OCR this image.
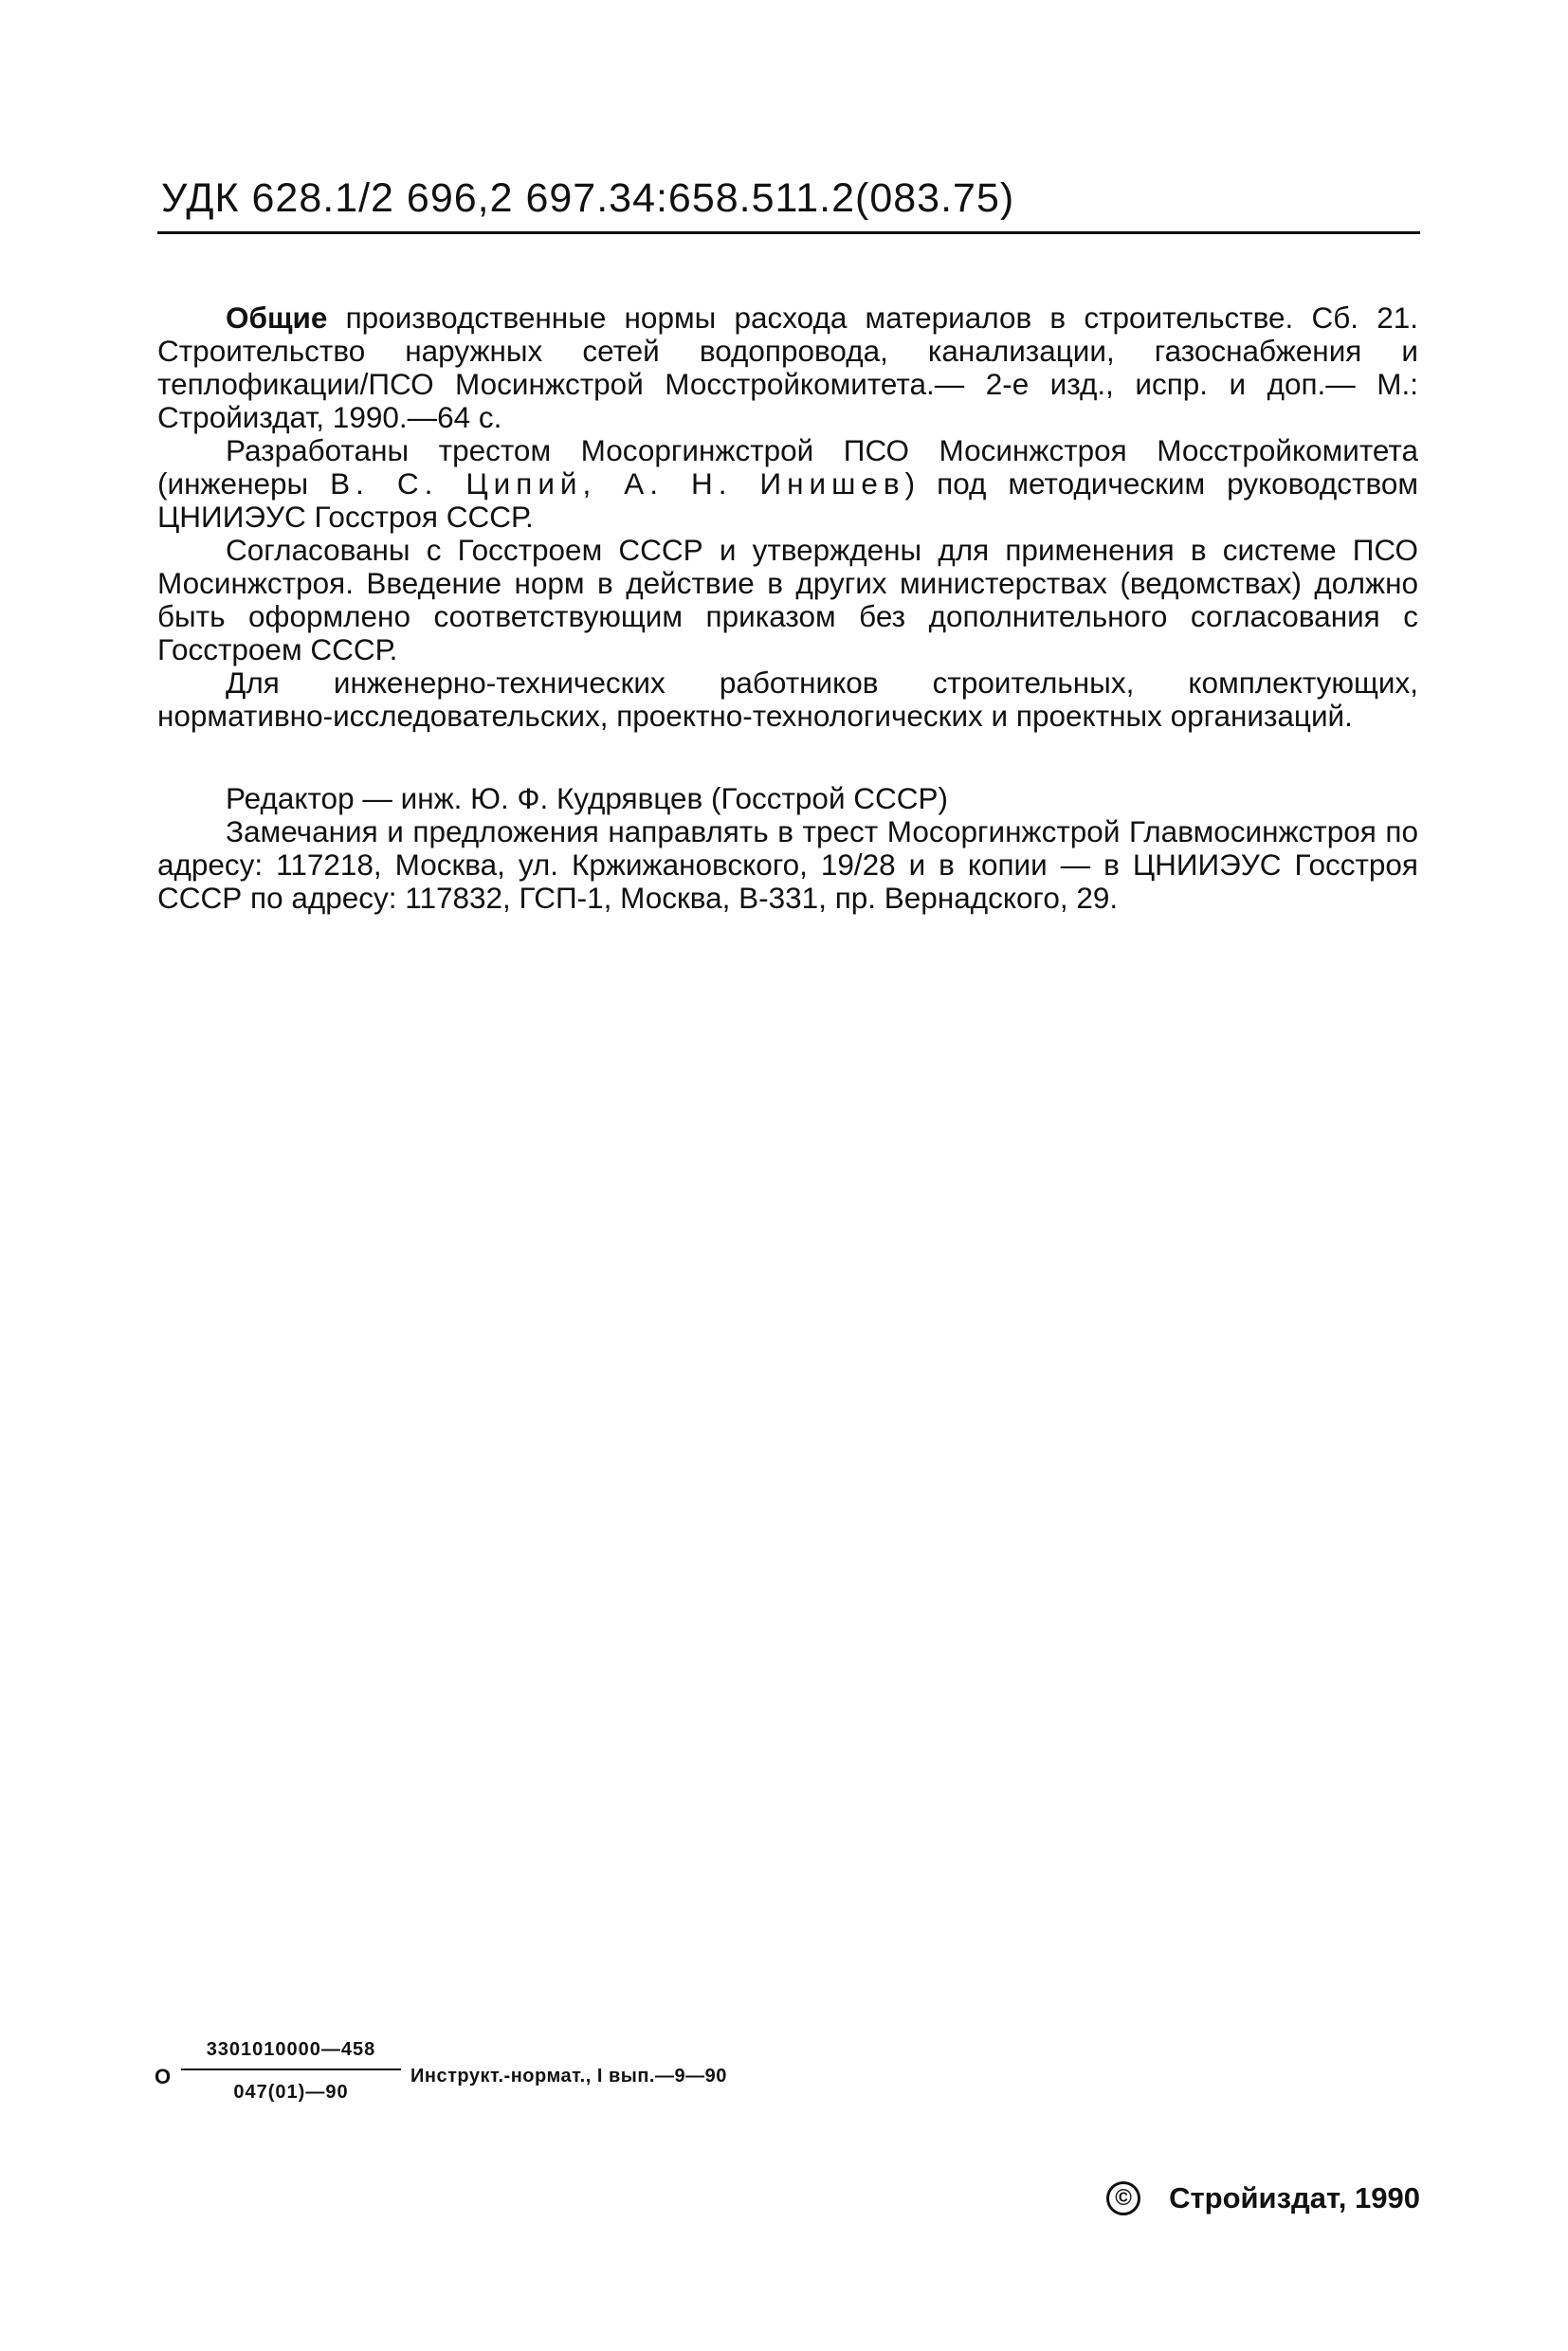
УДК 628.1/2 696,2 697.34:658.511.2(083.75)

Общие производственные нормы расхода материалов в строительстве. Сб. 21. Строительство наружных сетей водопровода, канализации, газоснабжения и теплофикации/ПСО Мосинжстрой Мосстройкомитета.— 2-е изд., испр. и доп.— М.: Стройиздат, 1990.—64 с.

Разработаны трестом Мосоргинжстрой ПСО Мосинжстроя Мосстройкомитета (инженеры В. С. Ципий, А. Н. Инишев) под методическим руководством ЦНИИЭУС Госстроя СССР.

Согласованы с Госстроем СССР и утверждены для применения в системе ПСО Мосинжстроя. Введение норм в действие в других министерствах (ведомствах) должно быть оформлено соответствующим приказом без дополнительного согласования с Госстроем СССР.

Для инженерно-технических работников строительных, комплектующих, нормативно-исследовательских, проектно-технологических и проектных организаций.

Редактор — инж. Ю. Ф. Кудрявцев (Госстрой СССР)

Замечания и предложения направлять в трест Мосоргинжстрой Главмосинжстроя по адресу: 117218, Москва, ул. Кржижановского, 19/28 и в копии — в ЦНИИЭУС Госстроя СССР по адресу: 117832, ГСП-1, Москва, В-331, пр. Вернадского, 29.

О
3301010000—458
047(01)—90
Инструкт.-нормат., I вып.—9—90
© Стройиздат, 1990
